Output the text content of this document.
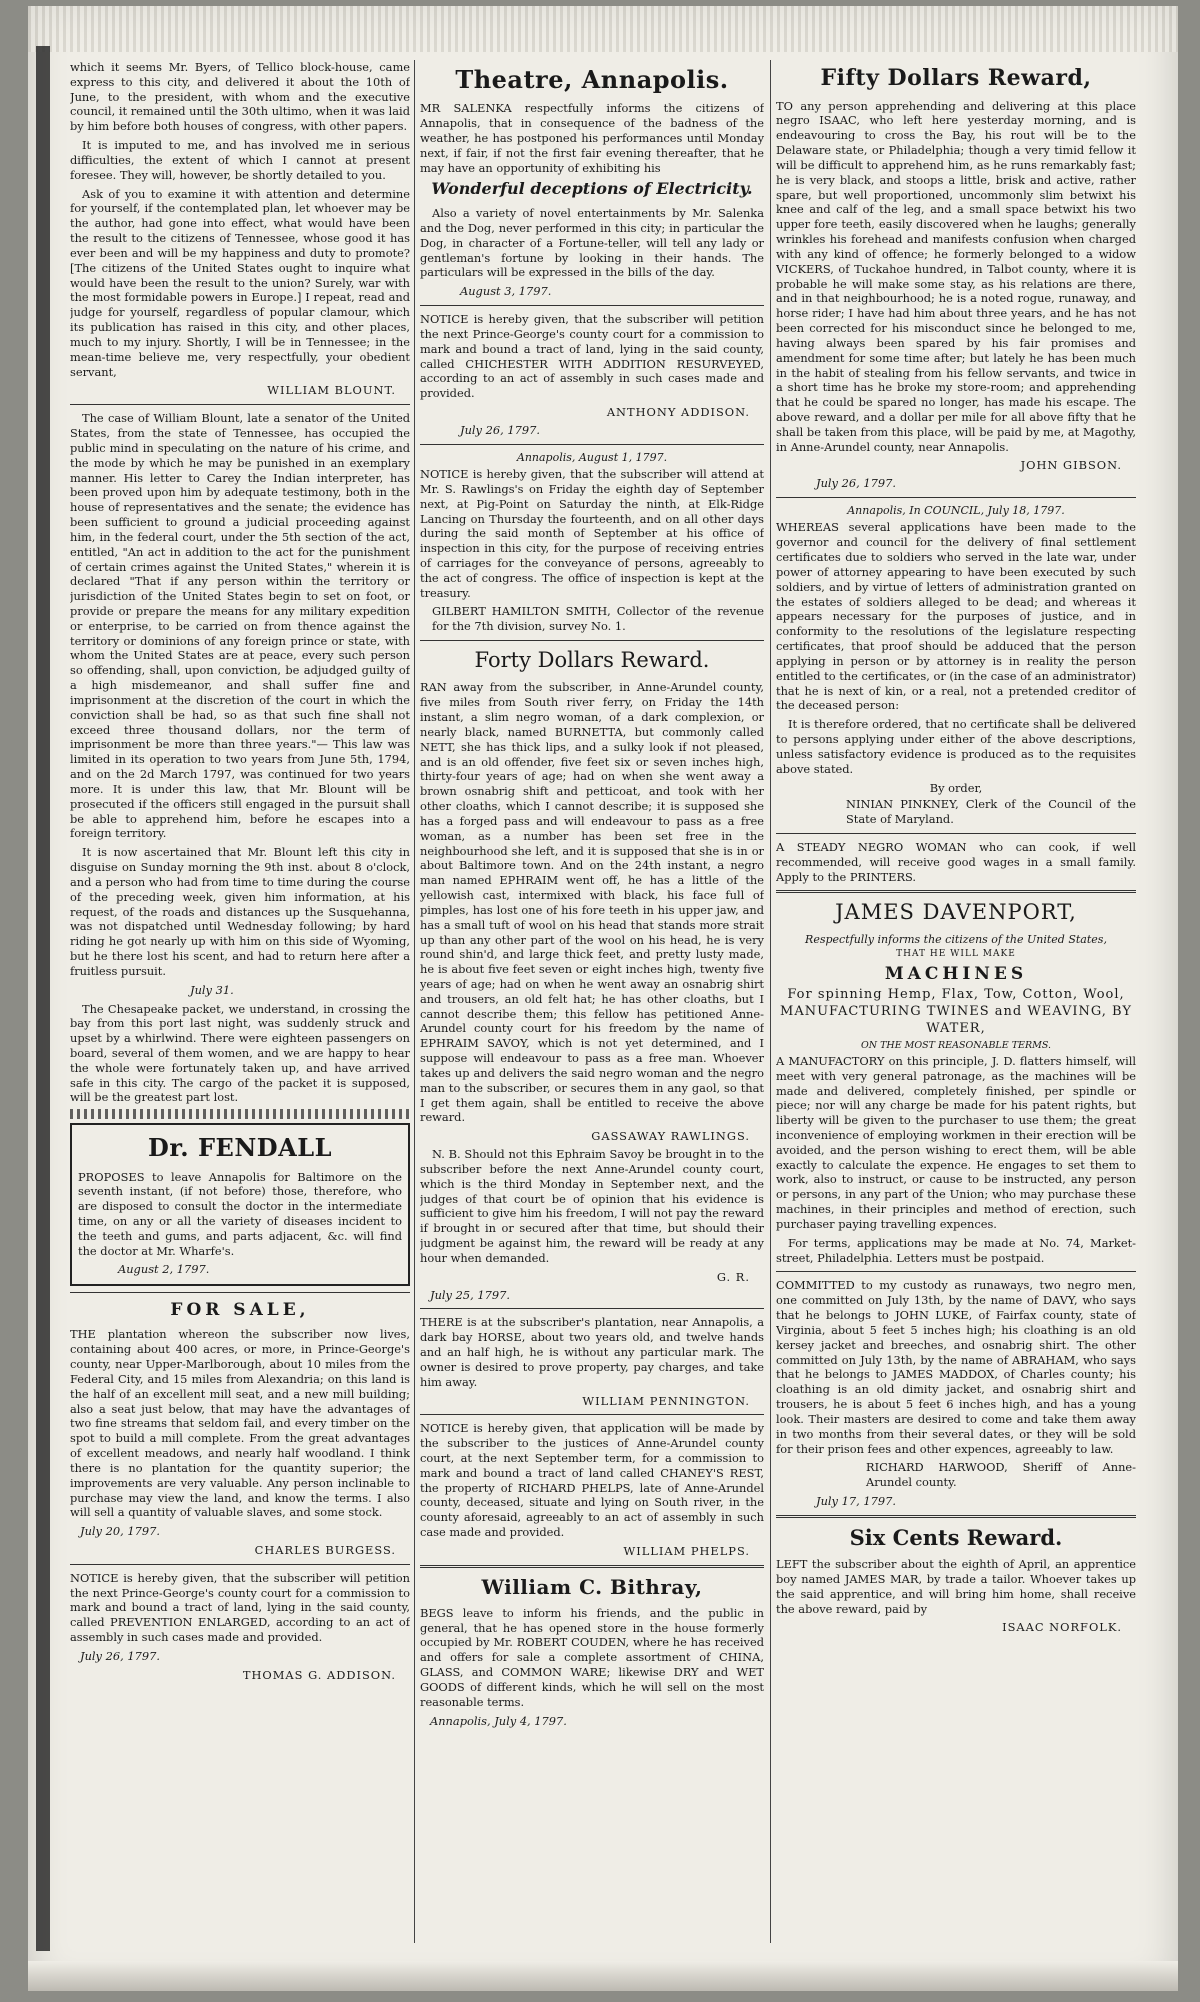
which it seems Mr. Byers, of Tellico block-house, came express to this city, and delivered it about the 10th of June, to the president, with whom and the executive council, it remained until the 30th ultimo, when it was laid by him before both houses of congress, with other papers.

It is imputed to me, and has involved me in serious difficulties, the extent of which I cannot at present foresee. They will, however, be shortly detailed to you.

Ask of you to examine it with attention and determine for yourself, if the contemplated plan, let whoever may be the author, had gone into effect, what would have been the result to the citizens of Tennessee, whose good it has ever been and will be my happiness and duty to promote? [The citizens of the United States ought to inquire what would have been the result to the union? Surely, war with the most formidable powers in Europe.] I repeat, read and judge for yourself, regardless of popular clamour, which its publication has raised in this city, and other places, much to my injury. Shortly, I will be in Tennessee; in the mean-time believe me, very respectfully, your obedient servant,

WILLIAM BLOUNT.

The case of William Blount, late a senator of the United States, from the state of Tennessee, has occupied the public mind in speculating on the nature of his crime, and the mode by which he may be punished in an exemplary manner. His letter to Carey the Indian interpreter, has been proved upon him by adequate testimony, both in the house of representatives and the senate; the evidence has been sufficient to ground a judicial proceeding against him, in the federal court, under the 5th section of the act, entitled, "An act in addition to the act for the punishment of certain crimes against the United States," wherein it is declared "That if any person within the territory or jurisdiction of the United States begin to set on foot, or provide or prepare the means for any military expedition or enterprise, to be carried on from thence against the territory or dominions of any foreign prince or state, with whom the United States are at peace, every such person so offending, shall, upon conviction, be adjudged guilty of a high misdemeanor, and shall suffer fine and imprisonment at the discretion of the court in which the conviction shall be had, so as that such fine shall not exceed three thousand dollars, nor the term of imprisonment be more than three years."— This law was limited in its operation to two years from June 5th, 1794, and on the 2d March 1797, was continued for two years more. It is under this law, that Mr. Blount will be prosecuted if the officers still engaged in the pursuit shall be able to apprehend him, before he escapes into a foreign territory.

It is now ascertained that Mr. Blount left this city in disguise on Sunday morning the 9th inst. about 8 o'clock, and a person who had from time to time during the course of the preceding week, given him information, at his request, of the roads and distances up the Susquehanna, was not dispatched until Wednesday following; by hard riding he got nearly up with him on this side of Wyoming, but he there lost his scent, and had to return here after a fruitless pursuit.

July 31.

The Chesapeake packet, we understand, in crossing the bay from this port last night, was suddenly struck and upset by a whirlwind. There were eighteen passengers on board, several of them women, and we are happy to hear the whole were fortunately taken up, and have arrived safe in this city. The cargo of the packet it is supposed, will be the greatest part lost.

Dr. FENDALL

PROPOSES to leave Annapolis for Baltimore on the seventh instant, (if not before) those, therefore, who are disposed to consult the doctor in the intermediate time, on any or all the variety of diseases incident to the teeth and gums, and parts adjacent, &c. will find the doctor at Mr. Wharfe's.

August 2, 1797.

FOR SALE,

THE plantation whereon the subscriber now lives, containing about 400 acres, or more, in Prince-George's county, near Upper-Marlborough, about 10 miles from the Federal City, and 15 miles from Alexandria; on this land is the half of an excellent mill seat, and a new mill building; also a seat just below, that may have the advantages of two fine streams that seldom fail, and every timber on the spot to build a mill complete. From the great advantages of excellent meadows, and nearly half woodland. I think there is no plantation for the quantity superior; the improvements are very valuable. Any person inclinable to purchase may view the land, and know the terms. I also will sell a quantity of valuable slaves, and some stock.

July 20, 1797.

CHARLES BURGESS.

NOTICE is hereby given, that the subscriber will petition the next Prince-George's county court for a commission to mark and bound a tract of land, lying in the said county, called PREVENTION ENLARGED, according to an act of assembly in such cases made and provided.

July 26, 1797.

THOMAS G. ADDISON.

Theatre, Annapolis.

MR SALENKA respectfully informs the citizens of Annapolis, that in consequence of the badness of the weather, he has postponed his performances until Monday next, if fair, if not the first fair evening thereafter, that he may have an opportunity of exhibiting his

Wonderful deceptions of Electricity.

Also a variety of novel entertainments by Mr. Salenka and the Dog, never performed in this city; in particular the Dog, in character of a Fortune-teller, will tell any lady or gentleman's fortune by looking in their hands. The particulars will be expressed in the bills of the day.

August 3, 1797.

NOTICE is hereby given, that the subscriber will petition the next Prince-George's county court for a commission to mark and bound a tract of land, lying in the said county, called CHICHESTER WITH ADDITION RESURVEYED, according to an act of assembly in such cases made and provided.

ANTHONY ADDISON.

July 26, 1797.

Annapolis, August 1, 1797.

NOTICE is hereby given, that the subscriber will attend at Mr. S. Rawlings's on Friday the eighth day of September next, at Pig-Point on Saturday the ninth, at Elk-Ridge Lancing on Thursday the fourteenth, and on all other days during the said month of September at his office of inspection in this city, for the purpose of receiving entries of carriages for the conveyance of persons, agreeably to the act of congress. The office of inspection is kept at the treasury.

GILBERT HAMILTON SMITH, Collector of the revenue for the 7th division, survey No. 1.

Forty Dollars Reward.

RAN away from the subscriber, in Anne-Arundel county, five miles from South river ferry, on Friday the 14th instant, a slim negro woman, of a dark complexion, or nearly black, named BURNETTA, but commonly called NETT, she has thick lips, and a sulky look if not pleased, and is an old offender, five feet six or seven inches high, thirty-four years of age; had on when she went away a brown osnabrig shift and petticoat, and took with her other cloaths, which I cannot describe; it is supposed she has a forged pass and will endeavour to pass as a free woman, as a number has been set free in the neighbourhood she left, and it is supposed that she is in or about Baltimore town. And on the 24th instant, a negro man named EPHRAIM went off, he has a little of the yellowish cast, intermixed with black, his face full of pimples, has lost one of his fore teeth in his upper jaw, and has a small tuft of wool on his head that stands more strait up than any other part of the wool on his head, he is very round shin'd, and large thick feet, and pretty lusty made, he is about five feet seven or eight inches high, twenty five years of age; had on when he went away an osnabrig shirt and trousers, an old felt hat; he has other cloaths, but I cannot describe them; this fellow has petitioned Anne-Arundel county court for his freedom by the name of EPHRAIM SAVOY, which is not yet determined, and I suppose will endeavour to pass as a free man. Whoever takes up and delivers the said negro woman and the negro man to the subscriber, or secures them in any gaol, so that I get them again, shall be entitled to receive the above reward.

GASSAWAY RAWLINGS.

N. B. Should not this Ephraim Savoy be brought in to the subscriber before the next Anne-Arundel county court, which is the third Monday in September next, and the judges of that court be of opinion that his evidence is sufficient to give him his freedom, I will not pay the reward if brought in or secured after that time, but should their judgment be against him, the reward will be ready at any hour when demanded.

G. R.

July 25, 1797.

THERE is at the subscriber's plantation, near Annapolis, a dark bay HORSE, about two years old, and twelve hands and an half high, he is without any particular mark. The owner is desired to prove property, pay charges, and take him away.

WILLIAM PENNINGTON.

NOTICE is hereby given, that application will be made by the subscriber to the justices of Anne-Arundel county court, at the next September term, for a commission to mark and bound a tract of land called CHANEY'S REST, the property of RICHARD PHELPS, late of Anne-Arundel county, deceased, situate and lying on South river, in the county aforesaid, agreeably to an act of assembly in such case made and provided.

WILLIAM PHELPS.

William C. Bithray,

BEGS leave to inform his friends, and the public in general, that he has opened store in the house formerly occupied by Mr. ROBERT COUDEN, where he has received and offers for sale a complete assortment of CHINA, GLASS, and COMMON WARE; likewise DRY and WET GOODS of different kinds, which he will sell on the most reasonable terms.

Annapolis, July 4, 1797.

Fifty Dollars Reward,

TO any person apprehending and delivering at this place negro ISAAC, who left here yesterday morning, and is endeavouring to cross the Bay, his rout will be to the Delaware state, or Philadelphia; though a very timid fellow it will be difficult to apprehend him, as he runs remarkably fast; he is very black, and stoops a little, brisk and active, rather spare, but well proportioned, uncommonly slim betwixt his knee and calf of the leg, and a small space betwixt his two upper fore teeth, easily discovered when he laughs; generally wrinkles his forehead and manifests confusion when charged with any kind of offence; he formerly belonged to a widow VICKERS, of Tuckahoe hundred, in Talbot county, where it is probable he will make some stay, as his relations are there, and in that neighbourhood; he is a noted rogue, runaway, and horse rider; I have had him about three years, and he has not been corrected for his misconduct since he belonged to me, having always been spared by his fair promises and amendment for some time after; but lately he has been much in the habit of stealing from his fellow servants, and twice in a short time has he broke my store-room; and apprehending that he could be spared no longer, has made his escape. The above reward, and a dollar per mile for all above fifty that he shall be taken from this place, will be paid by me, at Magothy, in Anne-Arundel county, near Annapolis.

JOHN GIBSON.

July 26, 1797.

Annapolis, In COUNCIL, July 18, 1797.

WHEREAS several applications have been made to the governor and council for the delivery of final settlement certificates due to soldiers who served in the late war, under power of attorney appearing to have been executed by such soldiers, and by virtue of letters of administration granted on the estates of soldiers alleged to be dead; and whereas it appears necessary for the purposes of justice, and in conformity to the resolutions of the legislature respecting certificates, that proof should be adduced that the person applying in person or by attorney is in reality the person entitled to the certificates, or (in the case of an administrator) that he is next of kin, or a real, not a pretended creditor of the deceased person:

It is therefore ordered, that no certificate shall be delivered to persons applying under either of the above descriptions, unless satisfactory evidence is produced as to the requisites above stated.

By order,

NINIAN PINKNEY, Clerk of the Council of the State of Maryland.

A STEADY NEGRO WOMAN who can cook, if well recommended, will receive good wages in a small family. Apply to the PRINTERS.

JAMES DAVENPORT,

Respectfully informs the citizens of the United States,

THAT HE WILL MAKE

MACHINES

For spinning Hemp, Flax, Tow, Cotton, Wool, MANUFACTURING TWINES and WEAVING, BY WATER,

ON THE MOST REASONABLE TERMS.

A MANUFACTORY on this principle, J. D. flatters himself, will meet with very general patronage, as the machines will be made and delivered, completely finished, per spindle or piece; nor will any charge be made for his patent rights, but liberty will be given to the purchaser to use them; the great inconvenience of employing workmen in their erection will be avoided, and the person wishing to erect them, will be able exactly to calculate the expence. He engages to set them to work, also to instruct, or cause to be instructed, any person or persons, in any part of the Union; who may purchase these machines, in their principles and method of erection, such purchaser paying travelling expences.

For terms, applications may be made at No. 74, Market-street, Philadelphia. Letters must be postpaid.

COMMITTED to my custody as runaways, two negro men, one committed on July 13th, by the name of DAVY, who says that he belongs to JOHN LUKE, of Fairfax county, state of Virginia, about 5 feet 5 inches high; his cloathing is an old kersey jacket and breeches, and osnabrig shirt. The other committed on July 13th, by the name of ABRAHAM, who says that he belongs to JAMES MADDOX, of Charles county; his cloathing is an old dimity jacket, and osnabrig shirt and trousers, he is about 5 feet 6 inches high, and has a young look. Their masters are desired to come and take them away in two months from their several dates, or they will be sold for their prison fees and other expences, agreeably to law.

RICHARD HARWOOD, Sheriff of Anne-Arundel county.

July 17, 1797.

Six Cents Reward.

LEFT the subscriber about the eighth of April, an apprentice boy named JAMES MAR, by trade a tailor. Whoever takes up the said apprentice, and will bring him home, shall receive the above reward, paid by

ISAAC NORFOLK.
